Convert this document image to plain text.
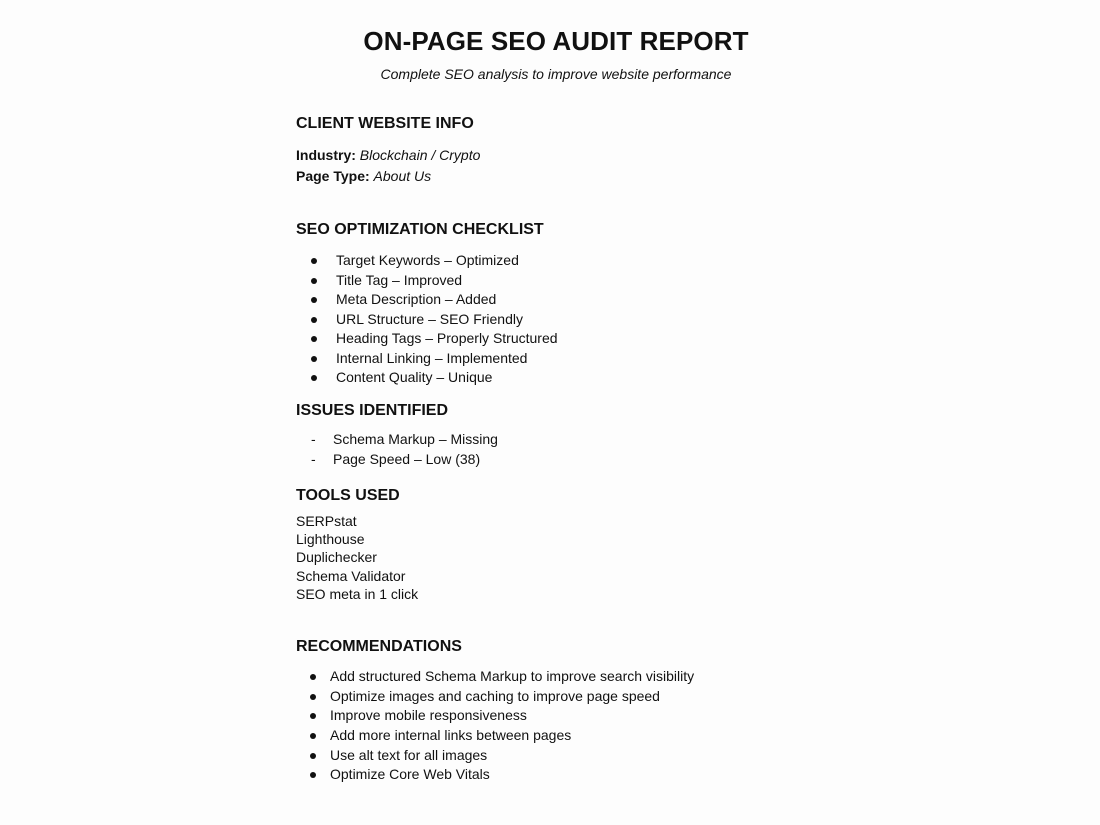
ON-PAGE SEO AUDIT REPORT

Complete SEO analysis to improve website performance

CLIENT WEBSITE INFO

Industry: Blockchain / Crypto

Page Type: About Us

SEO OPTIMIZATION CHECKLIST
Target Keywords – Optimized
Title Tag – Improved
Meta Description – Added
URL Structure – SEO Friendly
Heading Tags – Properly Structured
Internal Linking – Implemented
Content Quality – Unique
ISSUES IDENTIFIED
- Schema Markup – Missing
- Page Speed – Low (38)
TOOLS USED
SERPstat
Lighthouse
Duplichecker
Schema Validator
SEO meta in 1 click
RECOMMENDATIONS
Add structured Schema Markup to improve search visibility
Optimize images and caching to improve page speed
Improve mobile responsiveness
Add more internal links between pages
Use alt text for all images
Optimize Core Web Vitals
